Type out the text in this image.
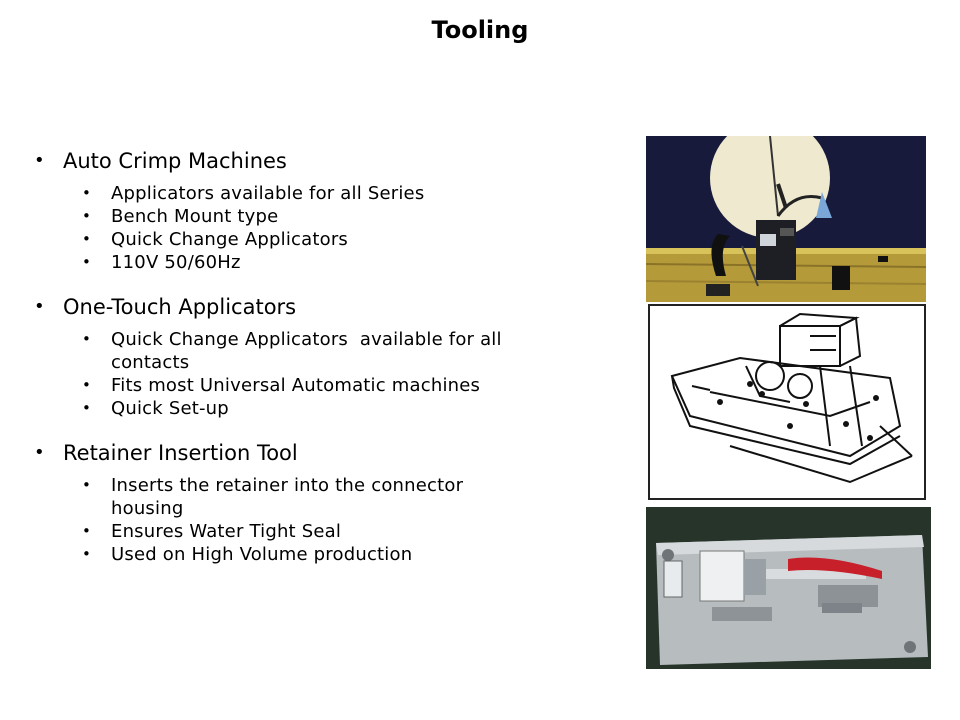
Tooling
• Auto Crimp Machines
•	Applicators available for all Series
•	Bench Mount type
•	Quick Change Applicators
•	110V 50/60Hz
• One-Touch Applicators
•	Quick Change Applicators  available for all contacts
•	Fits most Universal Automatic machines
•	Quick Set-up
• Retainer Insertion Tool
•	Inserts the retainer into the connector housing
•	Ensures Water Tight Seal
•	Used on High Volume production
